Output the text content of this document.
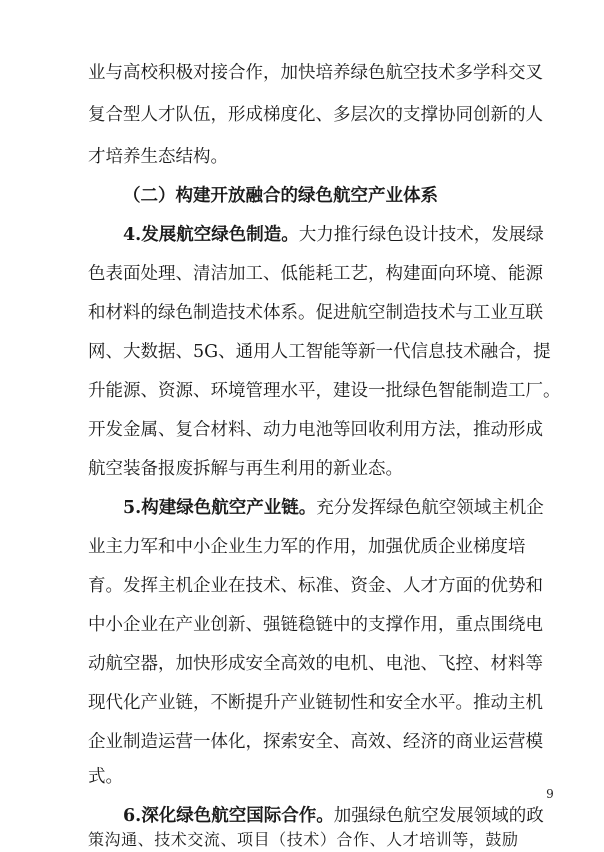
业与高校积极对接合作，加快培养绿色航空技术多学科交叉
复合型人才队伍，形成梯度化、多层次的支撑协同创新的人
才培养生态结构。
（二）构建开放融合的绿色航空产业体系
4.发展航空绿色制造。大力推行绿色设计技术，发展绿
色表面处理、清洁加工、低能耗工艺，构建面向环境、能源
和材料的绿色制造技术体系。促进航空制造技术与工业互联
网、大数据、5G、通用人工智能等新一代信息技术融合，提
升能源、资源、环境管理水平，建设一批绿色智能制造工厂。
开发金属、复合材料、动力电池等回收利用方法，推动形成
航空装备报废拆解与再生利用的新业态。
5.构建绿色航空产业链。充分发挥绿色航空领域主机企
业主力军和中小企业生力军的作用，加强优质企业梯度培
育。发挥主机企业在技术、标准、资金、人才方面的优势和
中小企业在产业创新、强链稳链中的支撑作用，重点围绕电
动航空器，加快形成安全高效的电机、电池、飞控、材料等
现代化产业链，不断提升产业链韧性和安全水平。推动主机
企业制造运营一体化，探索安全、高效、经济的商业运营模
9
6.深化绿色航空国际合作。加强绿色航空发展领域的政
策沟通、技术交流、项目（技术）合作、人才培训等，鼓励
式。
